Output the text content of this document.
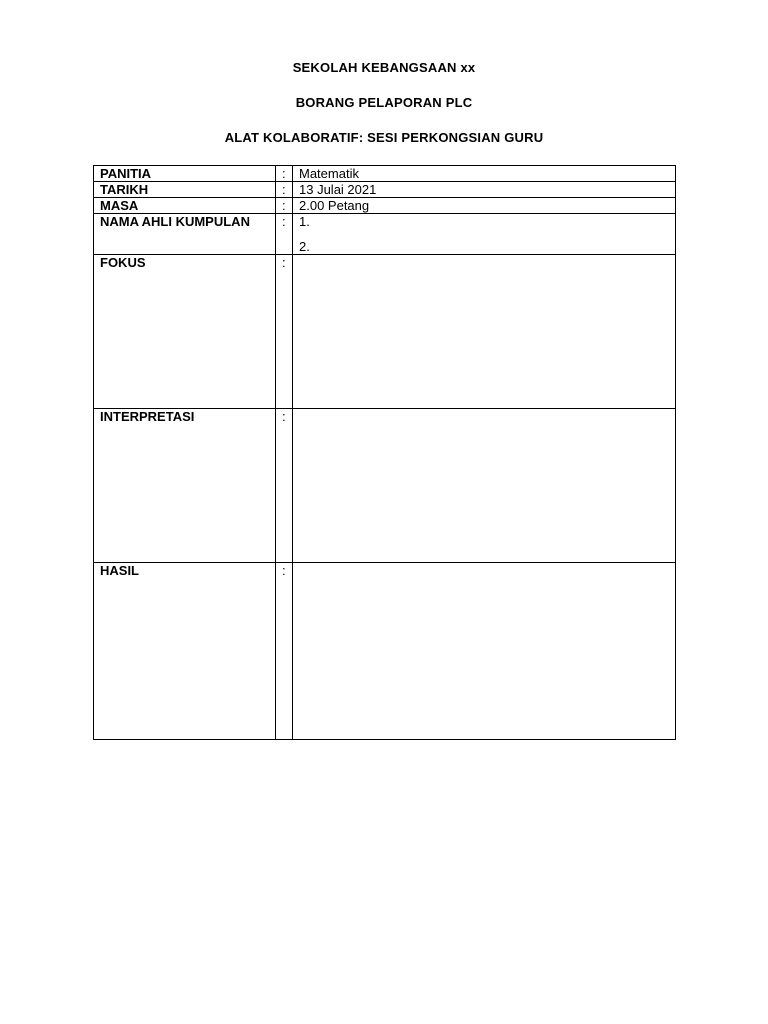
SEKOLAH KEBANGSAAN xx
BORANG PELAPORAN PLC
ALAT KOLABORATIF: SESI PERKONGSIAN GURU
PANITIA	:	Matematik
TARIKH	:	13 Julai 2021
MASA	:	2.00 Petang
NAMA AHLI KUMPULAN	:	1.
2.

FOKUS	:	
INTERPRETASI	:	
HASIL	:	
